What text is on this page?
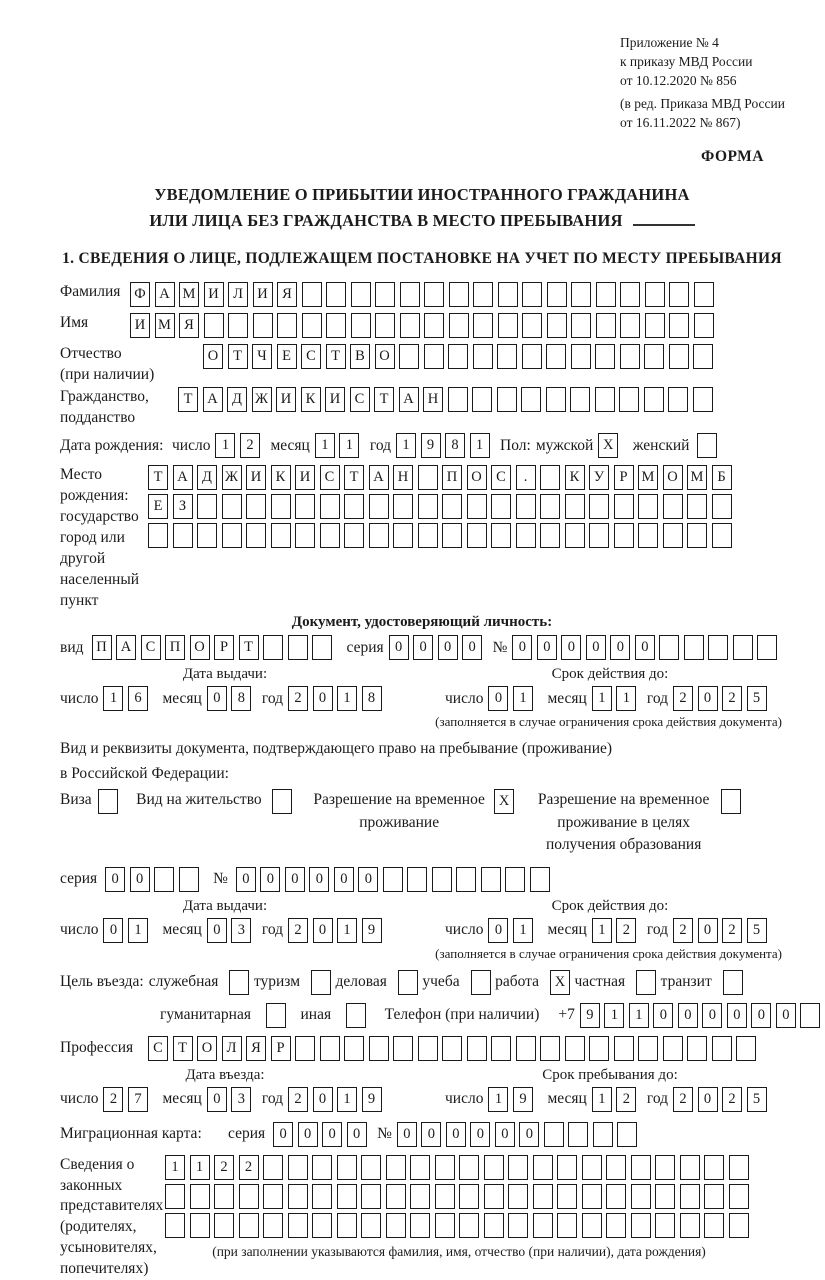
Приложение № 4
к приказу МВД России
от 10.12.2020 № 856
(в ред. Приказа МВД России
от 16.11.2022 № 867)
ФОРМА
УВЕДОМЛЕНИЕ О ПРИБЫТИИ ИНОСТРАННОГО ГРАЖДАНИНА
ИЛИ ЛИЦА БЕЗ ГРАЖДАНСТВА В МЕСТО ПРЕБЫВАНИЯ
1. СВЕДЕНИЯ О ЛИЦЕ, ПОДЛЕЖАЩЕМ ПОСТАНОВКЕ НА УЧЕТ ПО МЕСТУ ПРЕБЫВАНИЯ
Фамилия Ф А М И Л И Я
Имя	И М Я
Отчество
(при наличии)
О	Т	Ч	Е	С	Т	В О
Гражданство,
подданство
Т	А Д Ж И К И С	Т	А Н
Дата рождения: число 1	2	месяц 1	1	год 1	9	8	1	Пол: мужской X	женский
Место рождения:
государство
город или другой
населенный пункт
Т	А Д Ж И К И С	Т	А Н	П О С	.	К	У	Р М О М Б
Е	З
Документ, удостоверяющий личность:
вид П А С П О	Р	Т	серия 0	0	0	0	№ 0	0	0	0	0	0
Дата выдачи:	Срок действия до:
число 1	6	месяц 0	8	год 2	0	1	8	число 0	1	месяц 1	1	год 2	0	2	5
(заполняется в случае ограничения срока действия документа)
Вид и реквизиты документа, подтверждающего право на пребывание (проживание)
в Российской Федерации:
Виза	Вид на жительство	Разрешение на временное проживание
X	Разрешение на временное проживание в целях получения образования
серия 0	0	№ 0	0	0	0	0	0
Дата выдачи:	Срок действия до:
число 0	1	месяц 0	3	год 2	0	1	9	число 0	1	месяц 1	2	год 2	0	2	5
(заполняется в случае ограничения срока действия документа)
Цель въезда: служебная туризм деловая учеба работа	X частная транзит
гуманитарная	иная	Телефон (при наличии) +7 9	1	1	0	0	0	0	0	0
Профессия	С	Т	О Л	Я	Р
Дата въезда:	Срок пребывания до:
число 2	7	месяц 0	3	год 2	0	1	9	число 1	9	месяц 1	2	год 2	0	2	5
Миграционная карта:	серия 0	0	0	0	№ 0	0	0	0	0	0
Сведения о
законных
представителях
(родителях,
усыновителях,
попечителях)
1	1	2	2
(при заполнении указываются фамилия, имя, отчество (при наличии), дата рождения)
